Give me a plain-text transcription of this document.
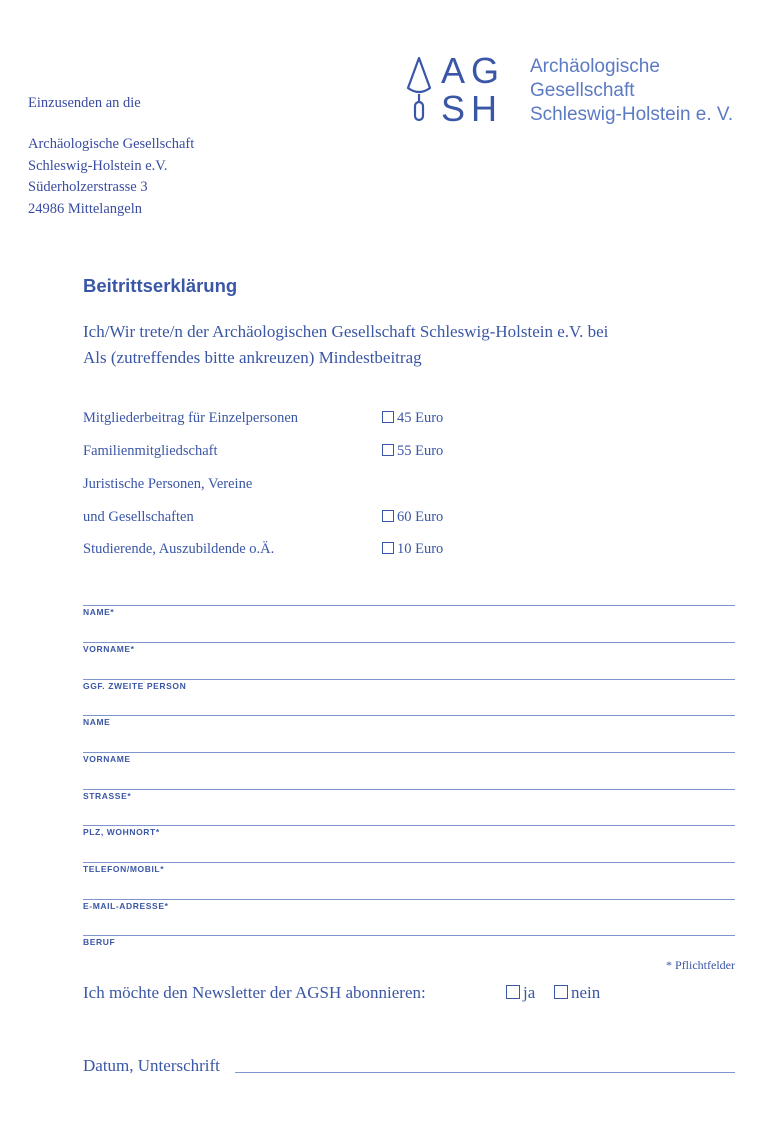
AG
SH
Archäologische
Gesellschaft
Schleswig-Holstein e. V.
Einzusenden an die
Archäologische Gesellschaft
Schleswig-Holstein e.V.
Süderholzerstrasse 3
24986 Mittelangeln
Beitrittserklärung
Ich/Wir trete/n der Archäologischen Gesellschaft Schleswig-Holstein e.V. bei
Als (zutreffendes bitte ankreuzen) Mindestbeitrag
Mitgliederbeitrag für Einzelpersonen	45 Euro
Familienmitgliedschaft	55 Euro
Juristische Personen, Vereine
und Gesellschaften	60 Euro
Studierende, Auszubildende o.Ä.	10 Euro
NAME*
VORNAME*
GGF. ZWEITE PERSON
NAME
VORNAME
STRASSE*
PLZ, WOHNORT*
TELEFON/MOBIL*
E-MAIL-ADRESSE*
BERUF
* Pflichtfelder
Ich möchte den Newsletter der AGSH abonnieren:	ja	nein
Datum, Unterschrift
